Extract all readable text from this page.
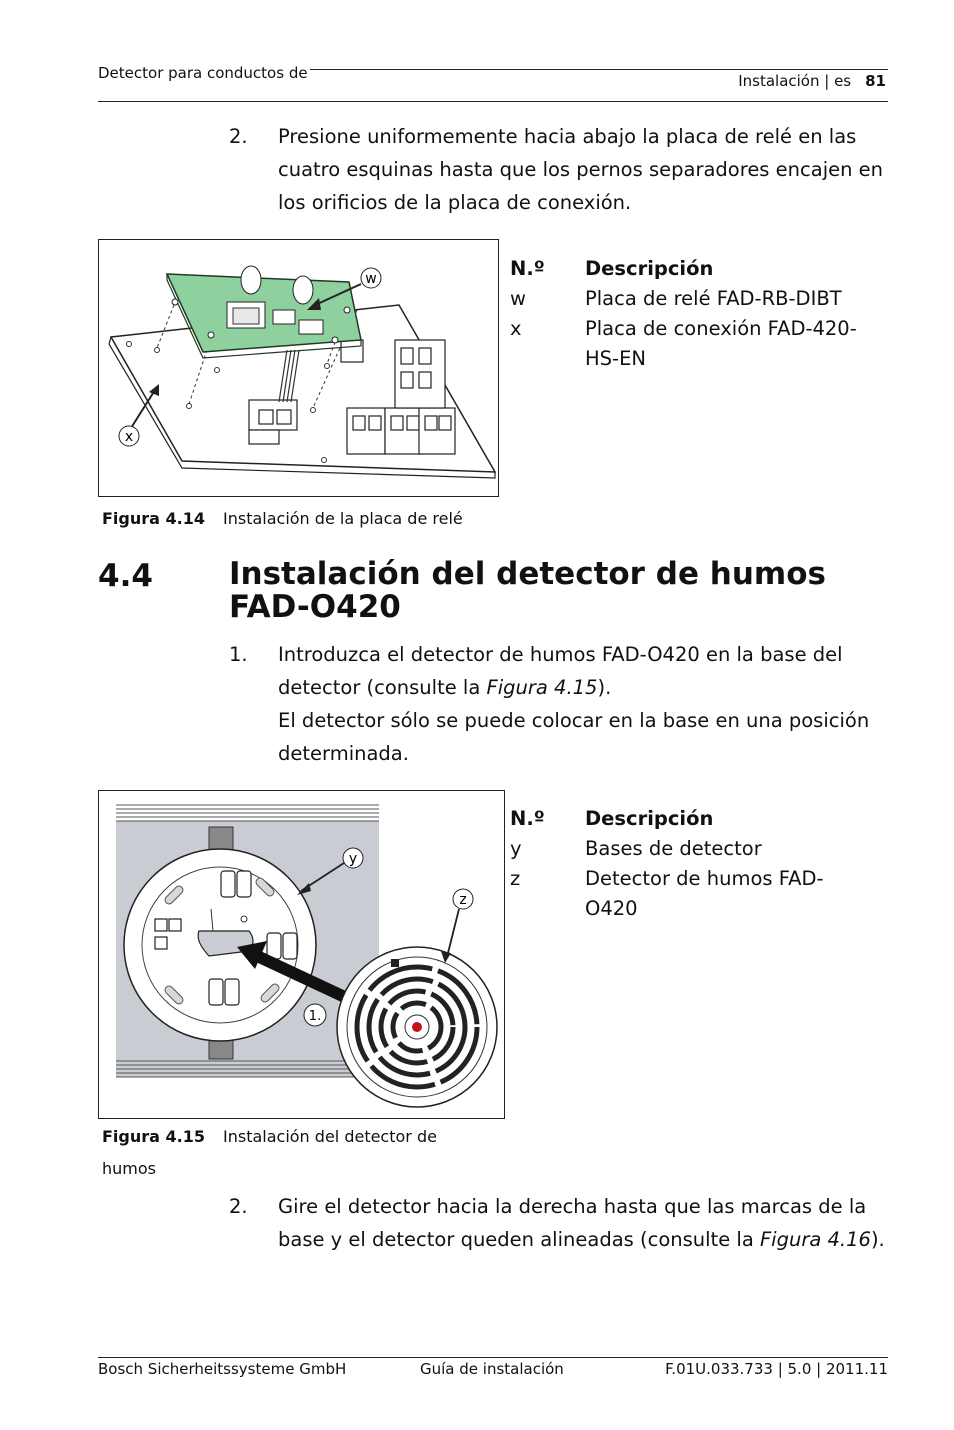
Detector para conductos de	Instalación | es 81
2. Presione uniformemente hacia abajo la placa de relé en las cuatro esquinas hasta que los pernos separadores encajen en los orificios de la placa de conexión.
w
x
N.º	Descripción
w	Placa de relé FAD-RB-DIBT
x	Placa de conexión FAD-420-HS-EN
Figura 4.14 Instalación de la placa de relé
4.4 Instalación del detector de humos FAD-O420
1. Introduzca el detector de humos FAD-O420 en la base del detector (consulte la Figura 4.15).
El detector sólo se puede colocar en la base en una posición determinada.
y
z
1.
N.º	Descripción
y	Bases de detector
z	Detector de humos FAD-O420
Figura 4.15 Instalación del detector de humos
2. Gire el detector hacia la derecha hasta que las marcas de la base y el detector queden alineadas (consulte la Figura 4.16).
Bosch Sicherheitssysteme GmbH	Guía de instalación	F.01U.033.733 | 5.0 | 2011.11
